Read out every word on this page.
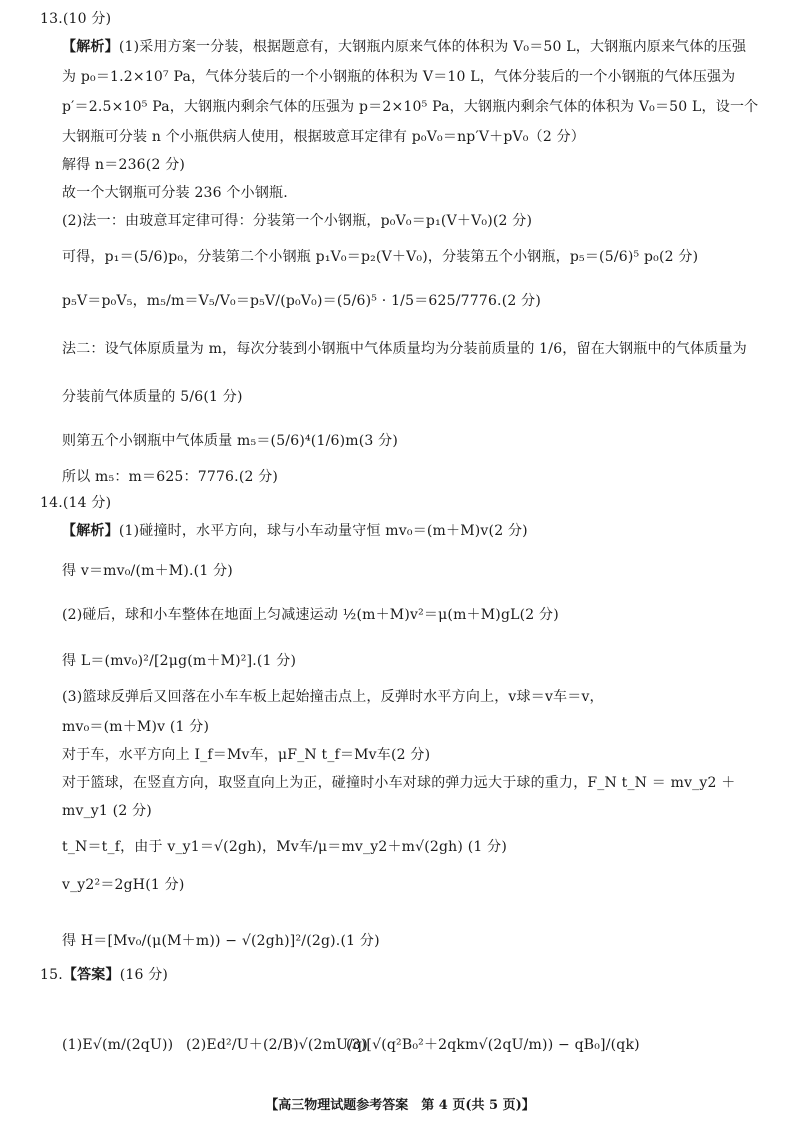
13.(10 分)
【解析】(1)采用方案一分装，根据题意有，大钢瓶内原来气体的体积为 V₀＝50 L，大钢瓶内原来气体的压强
为 p₀＝1.2×10⁷ Pa，气体分装后的一个小钢瓶的体积为 V＝10 L，气体分装后的一个小钢瓶的气体压强为
p′＝2.5×10⁵ Pa，大钢瓶内剩余气体的压强为 p＝2×10⁵ Pa，大钢瓶内剩余气体的体积为 V₀＝50 L，设一个
大钢瓶可分装 n 个小瓶供病人使用，根据玻意耳定律有 p₀V₀＝np′V＋pV₀（2 分）
解得 n＝236(2 分)
故一个大钢瓶可分装 236 个小钢瓶.
(2)法一：由玻意耳定律可得：分装第一个小钢瓶，p₀V₀＝p₁(V＋V₀)(2 分)
可得，p₁＝(5/6)p₀，分装第二个小钢瓶 p₁V₀＝p₂(V＋V₀)，分装第五个小钢瓶，p₅＝(5/6)⁵ p₀(2 分)
p₅V＝p₀V₅，m₅/m＝V₅/V₀＝p₅V/(p₀V₀)＝(5/6)⁵ · 1/5＝625/7776.(2 分)
法二：设气体原质量为 m，每次分装到小钢瓶中气体质量均为分装前质量的 1/6，留在大钢瓶中的气体质量为
分装前气体质量的 5/6(1 分)
则第五个小钢瓶中气体质量 m₅＝(5/6)⁴(1/6)m(3 分)
所以 m₅：m＝625：7776.(2 分)
14.(14 分)
【解析】(1)碰撞时，水平方向，球与小车动量守恒 mv₀＝(m＋M)v(2 分)
得 v＝mv₀/(m＋M).(1 分)
(2)碰后，球和小车整体在地面上匀减速运动 ½(m＋M)v²＝μ(m＋M)gL(2 分)
得 L＝(mv₀)²/[2μg(m＋M)²].(1 分)
(3)篮球反弹后又回落在小车车板上起始撞击点上，反弹时水平方向上，v球＝v车＝v，
mv₀＝(m＋M)v (1 分)
对于车，水平方向上 I_f＝Mv车，μF_N t_f＝Mv车(2 分)
对于篮球，在竖直方向，取竖直向上为正，碰撞时小车对球的弹力远大于球的重力，F_N t_N ＝ mv_y2 ＋
mv_y1 (2 分)
t_N＝t_f，由于 v_y1＝√(2gh)，Mv车/μ＝mv_y2＋m√(2gh) (1 分)
v_y2²＝2gH(1 分)
得 H＝[Mv₀/(μ(M＋m)) − √(2gh)]²/(2g).(1 分)
15.【答案】(16 分)
(1)E√(m/(2qU)) (2)Ed²/U＋(2/B)√(2mU/q)
(3)[√(q²B₀²＋2qkm√(2qU/m)) − qB₀]/(qk)
【高三物理试题参考答案　第 4 页(共 5 页)】
